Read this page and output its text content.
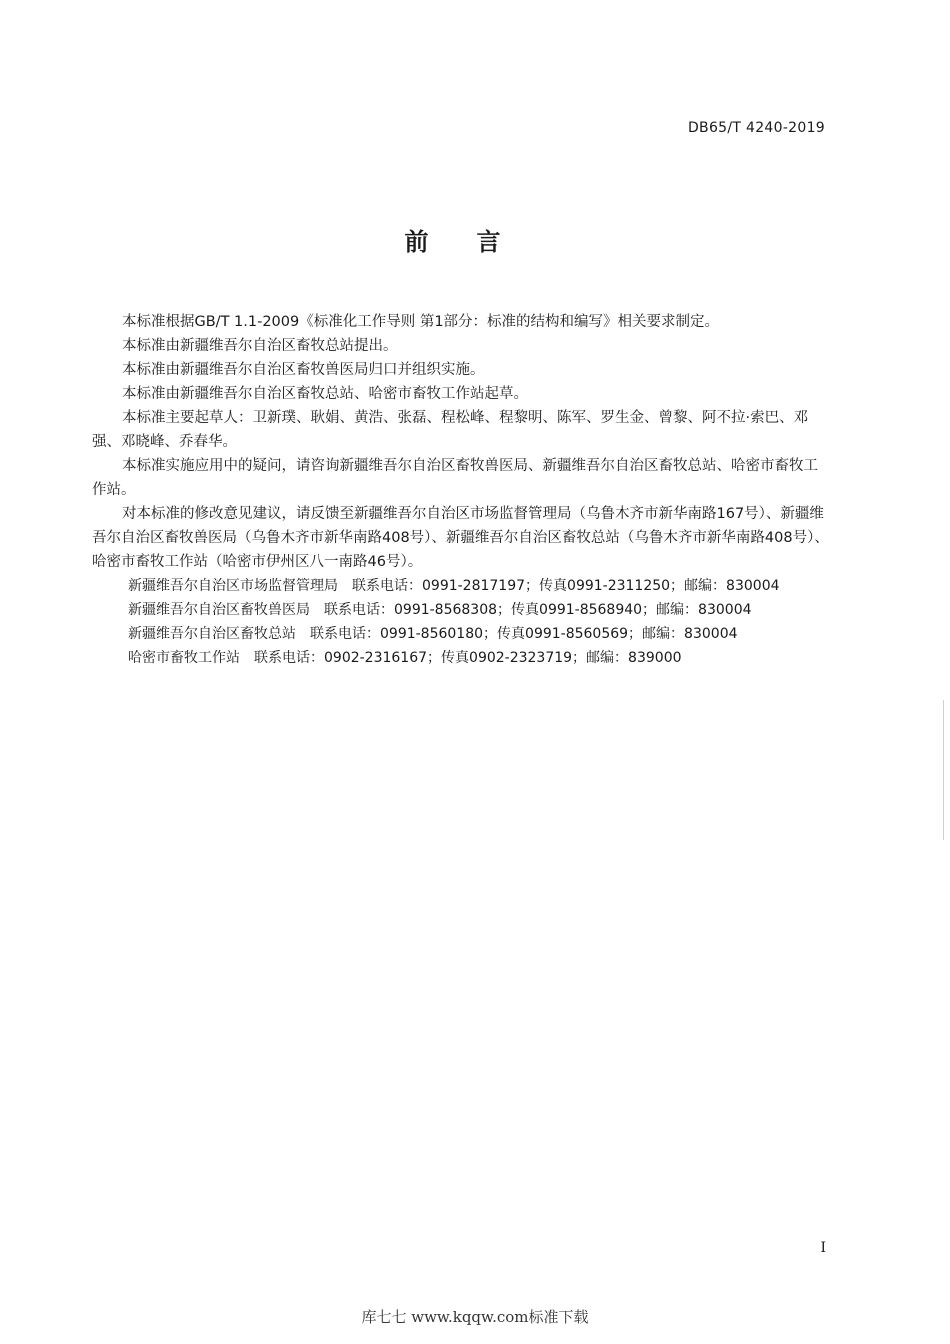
DB65/T 4240-2019
前言

本标准根据GB/T 1.1-2009《标准化工作导则 第1部分：标准的结构和编写》相关要求制定。

本标准由新疆维吾尔自治区畜牧总站提出。

本标准由新疆维吾尔自治区畜牧兽医局归口并组织实施。

本标准由新疆维吾尔自治区畜牧总站、哈密市畜牧工作站起草。

本标准主要起草人：卫新璞、耿娟、黄浩、张磊、程松峰、程黎明、陈军、罗生金、曾黎、阿不拉·索巴、邓强、邓晓峰、乔春华。

本标准实施应用中的疑问，请咨询新疆维吾尔自治区畜牧兽医局、新疆维吾尔自治区畜牧总站、哈密市畜牧工作站。

对本标准的修改意见建议，请反馈至新疆维吾尔自治区市场监督管理局（乌鲁木齐市新华南路167号）、新疆维吾尔自治区畜牧兽医局（乌鲁木齐市新华南路408号）、新疆维吾尔自治区畜牧总站（乌鲁木齐市新华南路408号）、哈密市畜牧工作站（哈密市伊州区八一南路46号）。

新疆维吾尔自治区市场监督管理局 联系电话：0991-2817197；传真0991-2311250；邮编：830004

新疆维吾尔自治区畜牧兽医局 联系电话：0991-8568308；传真0991-8568940；邮编：830004

新疆维吾尔自治区畜牧总站 联系电话：0991-8560180；传真0991-8560569；邮编：830004

哈密市畜牧工作站 联系电话：0902-2316167；传真0902-2323719；邮编：839000

I
库七七 www.kqqw.com标准下载
